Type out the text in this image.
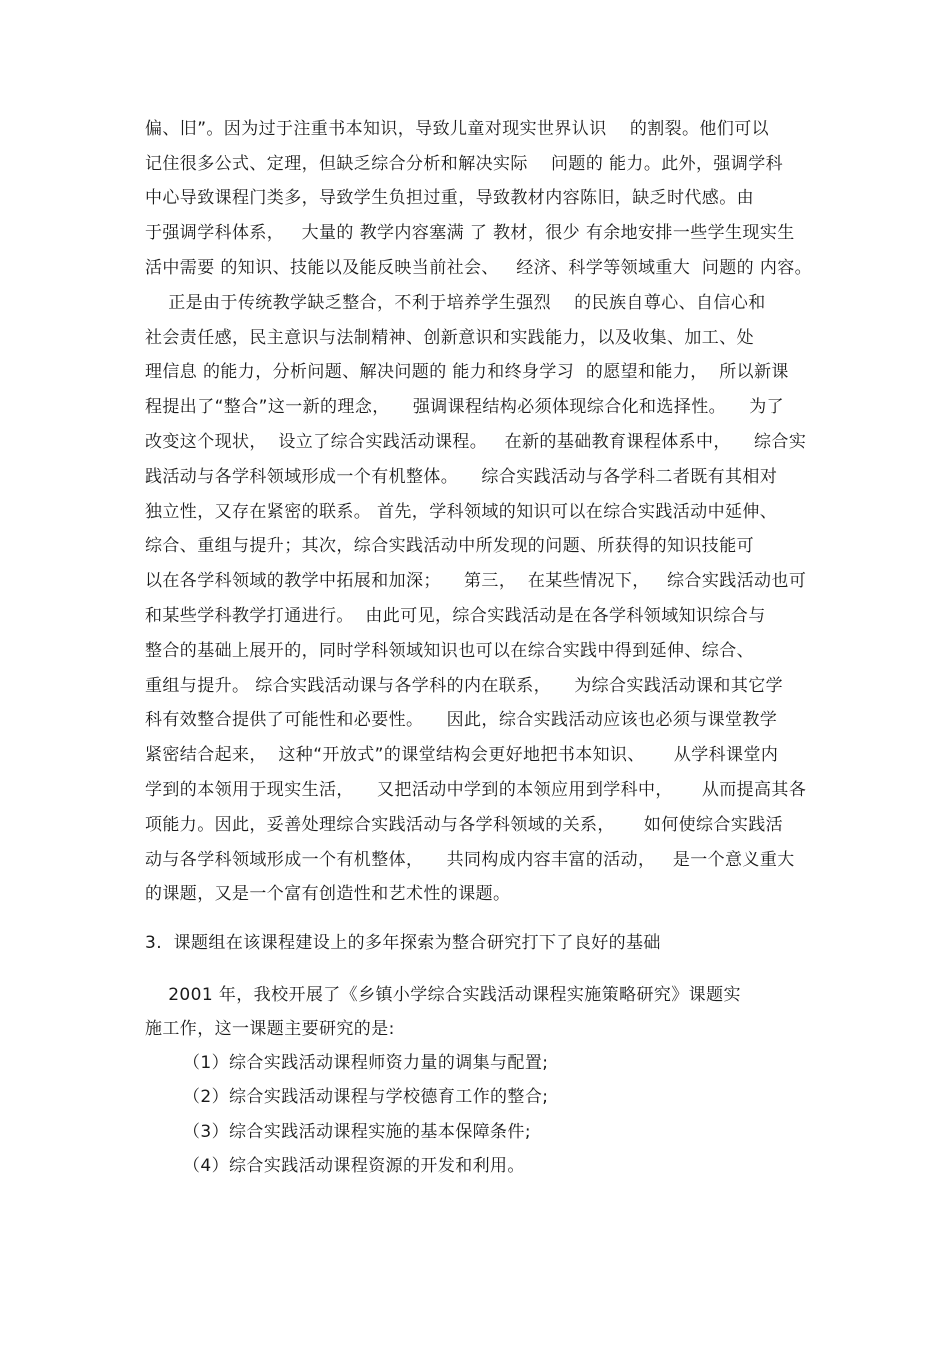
偏、旧”。因为过于注重书本知识，导致儿童对现实世界认识    的割裂。他们可以
记住很多公式、定理，但缺乏综合分析和解决实际    问题的 能力。此外，强调学科
中心导致课程门类多，导致学生负担过重，导致教材内容陈旧，缺乏时代感。由
于强调学科体系，   大量的 教学内容塞满 了 教材，很少 有余地安排一些学生现实生
活中需要 的知识、技能以及能反映当前社会、   经济、科学等领域重大  问题的 内容。
正是由于传统教学缺乏整合，不利于培养学生强烈    的民族自尊心、自信心和
社会责任感，民主意识与法制精神、创新意识和实践能力，以及收集、加工、处
理信息 的能力，分析问题、解决问题的 能力和终身学习  的愿望和能力，  所以新课
程提出了“整合”这一新的理念，    强调课程结构必须体现综合化和选择性。    为了
改变这个现状，  设立了综合实践活动课程。   在新的基础教育课程体系中，    综合实
践活动与各学科领域形成一个有机整体。    综合实践活动与各学科二者既有其相对
独立性，又存在紧密的联系。 首先，学科领域的知识可以在综合实践活动中延伸、
综合、重组与提升；其次，综合实践活动中所发现的问题、所获得的知识技能可
以在各学科领域的教学中拓展和加深；    第三，  在某些情况下，   综合实践活动也可
和某些学科教学打通进行。  由此可见，综合实践活动是在各学科领域知识综合与
整合的基础上展开的，同时学科领域知识也可以在综合实践中得到延伸、综合、
重组与提升。 综合实践活动课与各学科的内在联系，    为综合实践活动课和其它学
科有效整合提供了可能性和必要性。    因此，综合实践活动应该也必须与课堂教学
紧密结合起来，  这种“开放式”的课堂结构会更好地把书本知识、     从学科课堂内
学到的本领用于现实生活，    又把活动中学到的本领应用到学科中，     从而提高其各
项能力。因此，妥善处理综合实践活动与各学科领域的关系，     如何使综合实践活
动与各学科领域形成一个有机整体，    共同构成内容丰富的活动，   是一个意义重大
的课题，又是一个富有创造性和艺术性的课题。
3.  课题组在该课程建设上的多年探索为整合研究打下了良好的基础
2001 年，我校开展了《乡镇小学综合实践活动课程实施策略研究》课题实
施工作，这一课题主要研究的是:
（1）综合实践活动课程师资力量的调集与配置;
（2）综合实践活动课程与学校德育工作的整合;
（3）综合实践活动课程实施的基本保障条件;
（4）综合实践活动课程资源的开发和利用。
